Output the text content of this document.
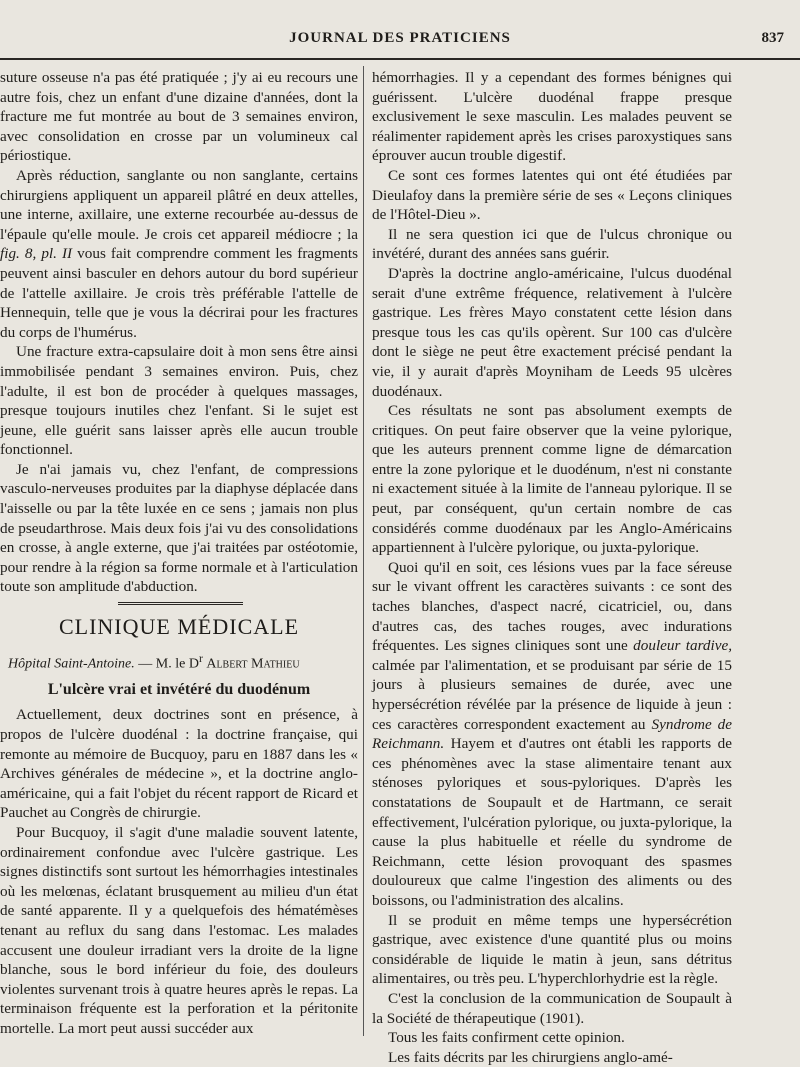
JOURNAL DES PRATICIENS	837

suture osseuse n'a pas été pratiquée ; j'y ai eu recours une autre fois, chez un enfant d'une dizaine d'années, dont la fracture me fut montrée au bout de 3 semaines environ, avec consolidation en crosse par un volumineux cal périostique.

Après réduction, sanglante ou non sanglante, certains chirurgiens appliquent un appareil plâtré en deux attelles, une interne, axillaire, une externe recourbée au-dessus de l'épaule qu'elle moule. Je crois cet appareil médiocre ; la fig. 8, pl. II vous fait comprendre comment les fragments peuvent ainsi basculer en dehors autour du bord supérieur de l'attelle axillaire. Je crois très préférable l'attelle de Hennequin, telle que je vous la décrirai pour les fractures du corps de l'humérus.

Une fracture extra-capsulaire doit à mon sens être ainsi immobilisée pendant 3 semaines environ. Puis, chez l'adulte, il est bon de procéder à quelques massages, presque toujours inutiles chez l'enfant. Si le sujet est jeune, elle guérit sans laisser après elle aucun trouble fonctionnel.

Je n'ai jamais vu, chez l'enfant, de compressions vasculo-nerveuses produites par la diaphyse déplacée dans l'aisselle ou par la tête luxée en ce sens ; jamais non plus de pseudarthrose. Mais deux fois j'ai vu des consolidations en crosse, à angle externe, que j'ai traitées par ostéotomie, pour rendre à la région sa forme normale et à l'articulation toute son amplitude d'abduction.

CLINIQUE MÉDICALE
Hôpital Saint-Antoine. — M. le $D^r$ Albert Mathieu
L'ulcère vrai et invétéré du duodénum

Actuellement, deux doctrines sont en présence, à propos de l'ulcère duodénal : la doctrine française, qui remonte au mémoire de Bucquoy, paru en 1887 dans les « Archives générales de médecine », et la doctrine anglo-américaine, qui a fait l'objet du récent rapport de Ricard et Pauchet au Congrès de chirurgie.

Pour Bucquoy, il s'agit d'une maladie souvent latente, ordinairement confondue avec l'ulcère gastrique. Les signes distinctifs sont surtout les hémorrhagies intestinales où les melœnas, éclatant brusquement au milieu d'un état de santé apparente. Il y a quelquefois des hématémèses tenant au reflux du sang dans l'estomac. Les malades accusent une douleur irradiant vers la droite de la ligne blanche, sous le bord inférieur du foie, des douleurs violentes survenant trois à quatre heures après le repas. La terminaison fréquente est la perforation et la péritonite mortelle. La mort peut aussi succéder aux

hémorrhagies. Il y a cependant des formes bénignes qui guérissent. L'ulcère duodénal frappe presque exclusivement le sexe masculin. Les malades peuvent se réalimenter rapidement après les crises paroxystiques sans éprouver aucun trouble digestif.

Ce sont ces formes latentes qui ont été étudiées par Dieulafoy dans la première série de ses « Leçons cliniques de l'Hôtel-Dieu ».

Il ne sera question ici que de l'ulcus chronique ou invétéré, durant des années sans guérir.

D'après la doctrine anglo-américaine, l'ulcus duodénal serait d'une extrême fréquence, relativement à l'ulcère gastrique. Les frères Mayo constatent cette lésion dans presque tous les cas qu'ils opèrent. Sur 100 cas d'ulcère dont le siège ne peut être exactement précisé pendant la vie, il y aurait d'après Moyniham de Leeds 95 ulcères duodénaux.

Ces résultats ne sont pas absolument exempts de critiques. On peut faire observer que la veine pylorique, que les auteurs prennent comme ligne de démarcation entre la zone pylorique et le duodénum, n'est ni constante ni exactement située à la limite de l'anneau pylorique. Il se peut, par conséquent, qu'un certain nombre de cas considérés comme duodénaux par les Anglo-Américains appartiennent à l'ulcère pylorique, ou juxta-pylorique.

Quoi qu'il en soit, ces lésions vues par la face séreuse sur le vivant offrent les caractères suivants : ce sont des taches blanches, d'aspect nacré, cicatriciel, ou, dans d'autres cas, des taches rouges, avec indurations fréquentes. Les signes cliniques sont une douleur tardive, calmée par l'alimentation, et se produisant par série de 15 jours à plusieurs semaines de durée, avec une hypersécrétion révélée par la présence de liquide à jeun : ces caractères correspondent exactement au Syndrome de Reichmann. Hayem et d'autres ont établi les rapports de ces phénomènes avec la stase alimentaire tenant aux sténoses pyloriques et sous-pyloriques. D'après les constatations de Soupault et de Hartmann, ce serait effectivement, l'ulcération pylorique, ou juxta-pylorique, la cause la plus habituelle et réelle du syndrome de Reichmann, cette lésion provoquant des spasmes douloureux que calme l'ingestion des aliments ou des boissons, ou l'administration des alcalins.

Il se produit en même temps une hypersécrétion gastrique, avec existence d'une quantité plus ou moins considérable de liquide le matin à jeun, sans détritus alimentaires, ou très peu. L'hyperchlorhydrie est la règle.

C'est la conclusion de la communication de Soupault à la Société de thérapeutique (1901).

Tous les faits confirment cette opinion.

Les faits décrits par les chirurgiens anglo-amé-
